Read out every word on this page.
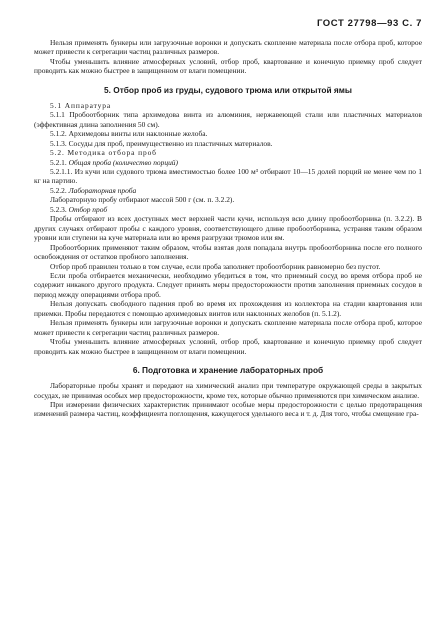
ГОСТ 27798—93 С. 7

Нельзя применять бункеры или загрузочные воронки и допускать скопление материала после отбора проб, которое может привести к сегрегации частиц различных размеров.

Чтобы уменьшить влияние атмосферных условий, отбор проб, квартование и конечную приемку проб следует проводить как можно быстрее в защищенном от влаги помещении.

5. Отбор проб из груды, судового трюма или открытой ямы

5.1 Аппаратура

5.1.1 Пробоотборник типа архимедова винта из алюминия, нержавеющей стали или пластичных материалов (эффективная длина заполнения 50 см).

5.1.2. Архимедовы винты или наклонные желоба.

5.1.3. Сосуды для проб, преимущественно из пластичных материалов.

5.2. Методика отбора проб

5.2.1. Общая проба (количество порций)

5.2.1.1. Из кучи или судового трюма вместимостью более 100 м³ отбирают 10—15 долей порций не менее чем по 1 кг на партию.

5.2.2. Лабораторная проба

Лабораторную пробу отбирают массой 500 г (см. п. 3.2.2).

5.2.3. Отбор проб

Пробы отбирают из всех доступных мест верхней части кучи, используя всю длину пробоотборника (п. 3.2.2). В других случаях отбирают пробы с каждого уровня, соответствующего длине пробоотборника, устраняя таким образом уровни или ступени на куче материала или во время разгрузки трюмов или ям.

Пробоотборник применяют таким образом, чтобы взятая доля попадала внутрь пробоотборника после его полного освобождения от остатков пробного заполнения.

Отбор проб правилен только в том случае, если проба заполняет пробоотборник равномерно без пустот.

Если проба отбирается механически, необходимо убедиться в том, что приемный сосуд во время отбора проб не содержит никакого другого продукта. Следует принять меры предосторожности против заполнения приемных сосудов в период между операциями отбора проб.

Нельзя допускать свободного падения проб во время их прохождения из коллектора на стадии квартования или приемки. Пробы передаются с помощью архимедовых винтов или наклонных желобов (п. 5.1.2).

Нельзя применять бункеры или загрузочные воронки и допускать скопление материала после отбора проб, которое может привести к сегрегации частиц различных размеров.

Чтобы уменьшить влияние атмосферных условий, отбор проб, квартование и конечную приемку проб следует проводить как можно быстрее в защищенном от влаги помещении.

6. Подготовка и хранение лабораторных проб

Лабораторные пробы хранят и передают на химический анализ при температуре окружающей среды в закрытых сосудах, не принимая особых мер предосторожности, кроме тех, которые обычно применяются при химическом анализе.

При измерении физических характеристик принимают особые меры предосторожности с целью предотвращения изменений размера частиц, коэффициента поглощения, кажущегося удельного веса и т. д. Для того, чтобы смещение гра-
